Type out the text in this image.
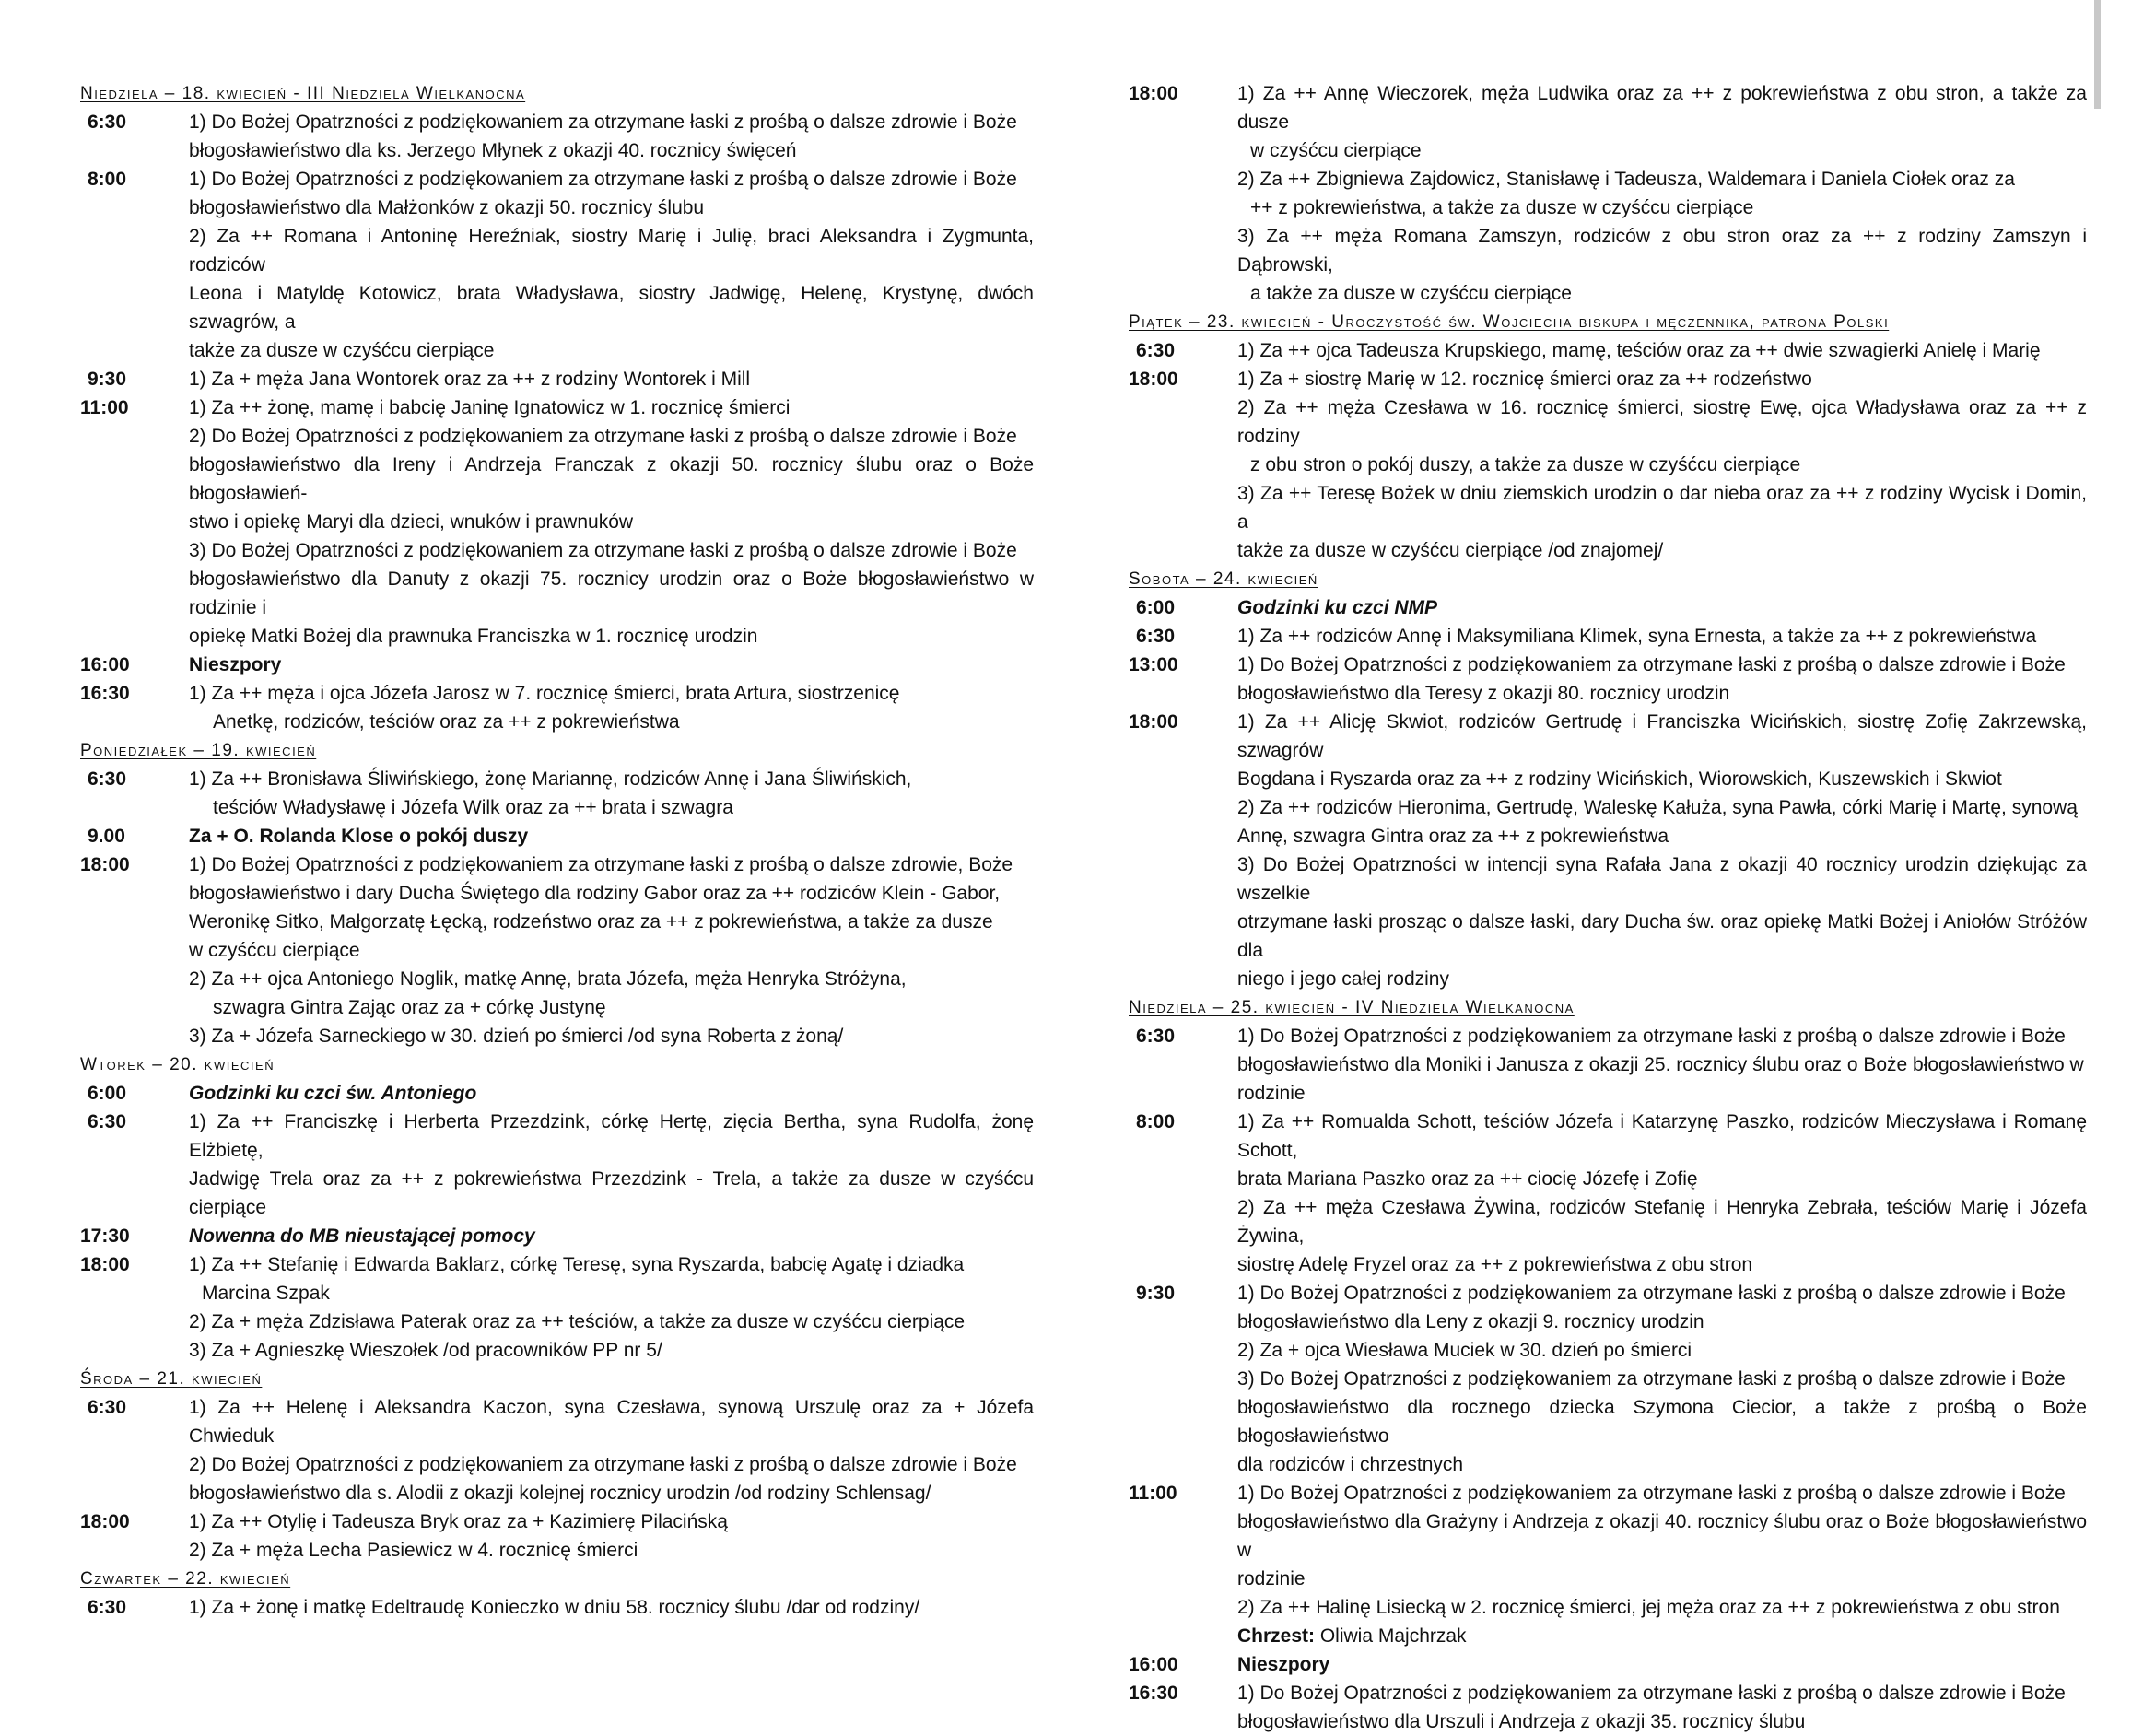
Niedziela – 18. kwiecień - III Niedziela Wielkanocna
6:30	1) Do Bożej Opatrzności z podziękowaniem za otrzymane łaski z prośbą o dalsze zdrowie i Boże
błogosławieństwo dla ks. Jerzego Młynek z okazji 40. rocznicy święceń
8:00	1) Do Bożej Opatrzności z podziękowaniem za otrzymane łaski z prośbą o dalsze zdrowie i Boże
błogosławieństwo dla Małżonków z okazji 50. rocznicy ślubu
2) Za ++ Romana i Antoninę Hereźniak, siostry Marię i Julię, braci Aleksandra i Zygmunta, rodziców
Leona i Matyldę Kotowicz, brata Władysława, siostry Jadwigę, Helenę, Krystynę, dwóch szwagrów, a
także za dusze w czyśćcu cierpiące
9:30	1) Za + męża Jana Wontorek oraz za ++ z rodziny Wontorek i Mill
11:00	1) Za ++ żonę, mamę i babcię Janinę Ignatowicz w 1. rocznicę śmierci
2) Do Bożej Opatrzności z podziękowaniem za otrzymane łaski z prośbą o dalsze zdrowie i Boże
błogosławieństwo dla Ireny i Andrzeja Franczak z okazji 50. rocznicy ślubu oraz o Boże błogosławień-
stwo i opiekę Maryi dla dzieci, wnuków i prawnuków
3) Do Bożej Opatrzności z podziękowaniem za otrzymane łaski z prośbą o dalsze zdrowie i Boże
błogosławieństwo dla Danuty z okazji 75. rocznicy urodzin oraz o Boże błogosławieństwo w rodzinie i
opiekę Matki Bożej dla prawnuka Franciszka w 1. rocznicę urodzin
16:00	Nieszpory
16:30	1) Za ++ męża i ojca Józefa Jarosz w 7. rocznicę śmierci, brata Artura, siostrzenicę
Anetkę, rodziców, teściów oraz za ++ z pokrewieństwa
Poniedziałek – 19. kwiecień
6:30	1) Za ++ Bronisława Śliwińskiego, żonę Mariannę, rodziców Annę i Jana Śliwińskich,
teściów Władysławę i Józefa Wilk oraz za ++ brata i szwagra
9.00	Za + O. Rolanda Klose o pokój duszy
18:00	1) Do Bożej Opatrzności z podziękowaniem za otrzymane łaski z prośbą o dalsze zdrowie, Boże
błogosławieństwo i dary Ducha Świętego dla rodziny Gabor oraz za ++ rodziców Klein - Gabor,
Weronikę Sitko, Małgorzatę Łęcką, rodzeństwo oraz za ++ z pokrewieństwa, a także za dusze
w czyśćcu cierpiące
2) Za ++ ojca Antoniego Noglik, matkę Annę, brata Józefa, męża Henryka Stróżyna,
szwagra Gintra Zając oraz za + córkę Justynę
3) Za + Józefa Sarneckiego w 30. dzień po śmierci /od syna Roberta z żoną/
Wtorek – 20. kwiecień
6:00	Godzinki ku czci św. Antoniego
6:30	1) Za ++ Franciszkę i Herberta Przezdzink, córkę Hertę, zięcia Bertha, syna Rudolfa, żonę Elżbietę,
Jadwigę Trela oraz za ++ z pokrewieństwa Przezdzink - Trela, a także za dusze w czyśćcu cierpiące
17:30	Nowenna do MB nieustającej pomocy
18:00	1) Za ++ Stefanię i Edwarda Baklarz, córkę Teresę, syna Ryszarda, babcię Agatę i dziadka
Marcina Szpak
2) Za + męża Zdzisława Paterak oraz za ++ teściów, a także za dusze w czyśćcu cierpiące
3) Za + Agnieszkę Wieszołek /od pracowników PP nr 5/
Środa – 21. kwiecień
6:30	1) Za ++ Helenę i Aleksandra Kaczon, syna Czesława, synową Urszulę oraz za + Józefa Chwieduk
2) Do Bożej Opatrzności z podziękowaniem za otrzymane łaski z prośbą o dalsze zdrowie i Boże
błogosławieństwo dla s. Alodii z okazji kolejnej rocznicy urodzin /od rodziny Schlensag/
18:00	1) Za ++ Otylię i Tadeusza Bryk oraz za + Kazimierę Pilacińską
2) Za + męża Lecha Pasiewicz w 4. rocznicę śmierci
Czwartek – 22. kwiecień
6:30	1) Za + żonę i matkę Edeltraudę Konieczko w dniu 58. rocznicy ślubu /dar od rodziny/
18:00	1) Za ++ Annę Wieczorek, męża Ludwika oraz za ++ z pokrewieństwa z obu stron, a także za dusze
w czyśćcu cierpiące
2) Za ++ Zbigniewa Zajdowicz, Stanisławę i Tadeusza, Waldemara i Daniela Ciołek oraz za
++ z pokrewieństwa, a także za dusze w czyśćcu cierpiące
3) Za ++ męża Romana Zamszyn, rodziców z obu stron oraz za ++ z rodziny Zamszyn i Dąbrowski,
a także za dusze w czyśćcu cierpiące
Piątek – 23. kwiecień - Uroczystość św. Wojciecha biskupa i męczennika, patrona Polski
6:30	1) Za ++ ojca Tadeusza Krupskiego, mamę, teściów oraz za ++ dwie szwagierki Anielę i Marię
18:00	1) Za + siostrę Marię w 12. rocznicę śmierci oraz za ++ rodzeństwo
2) Za ++ męża Czesława w 16. rocznicę śmierci, siostrę Ewę, ojca Władysława oraz za ++ z rodziny
z obu stron o pokój duszy, a także za dusze w czyśćcu cierpiące
3) Za ++ Teresę Bożek w dniu ziemskich urodzin o dar nieba oraz za ++ z rodziny Wycisk i Domin, a
także za dusze w czyśćcu cierpiące /od znajomej/
Sobota – 24. kwiecień
6:00	Godzinki ku czci NMP
6:30	1) Za ++ rodziców Annę i Maksymiliana Klimek, syna Ernesta, a także za ++ z pokrewieństwa
13:00	1) Do Bożej Opatrzności z podziękowaniem za otrzymane łaski z prośbą o dalsze zdrowie i Boże
błogosławieństwo dla Teresy z okazji 80. rocznicy urodzin
18:00	1) Za ++ Alicję Skwiot, rodziców Gertrudę i Franciszka Wicińskich, siostrę Zofię Zakrzewską, szwagrów
Bogdana i Ryszarda oraz za ++ z rodziny Wicińskich, Wiorowskich, Kuszewskich i Skwiot
2) Za ++ rodziców Hieronima, Gertrudę, Waleskę Kałuża, syna Pawła, córki Marię i Martę, synową
Annę, szwagra Gintra oraz za ++ z pokrewieństwa
3) Do Bożej Opatrzności w intencji syna Rafała Jana z okazji 40 rocznicy urodzin dziękując za wszelkie
otrzymane łaski prosząc o dalsze łaski, dary Ducha św. oraz opiekę Matki Bożej i Aniołów Stróżów dla
niego i jego całej rodziny
Niedziela – 25. kwiecień - IV Niedziela Wielkanocna
6:30	1) Do Bożej Opatrzności z podziękowaniem za otrzymane łaski z prośbą o dalsze zdrowie i Boże
błogosławieństwo dla Moniki i Janusza z okazji 25. rocznicy ślubu oraz o Boże błogosławieństwo w
rodzinie
8:00	1) Za ++ Romualda Schott, teściów Józefa i Katarzynę Paszko, rodziców Mieczysława i Romanę Schott,
brata Mariana Paszko oraz za ++ ciocię Józefę i Zofię
2) Za ++ męża Czesława Żywina, rodziców Stefanię i Henryka Zebrała, teściów Marię i Józefa Żywina,
siostrę Adelę Fryzel oraz za ++ z pokrewieństwa z obu stron
9:30	1) Do Bożej Opatrzności z podziękowaniem za otrzymane łaski z prośbą o dalsze zdrowie i Boże
błogosławieństwo dla Leny z okazji 9. rocznicy urodzin
2) Za + ojca Wiesława Muciek w 30. dzień po śmierci
3) Do Bożej Opatrzności z podziękowaniem za otrzymane łaski z prośbą o dalsze zdrowie i Boże
błogosławieństwo dla rocznego dziecka Szymona Ciecior, a także z prośbą o Boże błogosławieństwo
dla rodziców i chrzestnych
11:00	1) Do Bożej Opatrzności z podziękowaniem za otrzymane łaski z prośbą o dalsze zdrowie i Boże
błogosławieństwo dla Grażyny i Andrzeja z okazji 40. rocznicy ślubu oraz o Boże błogosławieństwo w
rodzinie
2) Za ++ Halinę Lisiecką w 2. rocznicę śmierci, jej męża oraz za ++ z pokrewieństwa z obu stron
Chrzest: Oliwia Majchrzak
16:00	Nieszpory
16:30	1) Do Bożej Opatrzności z podziękowaniem za otrzymane łaski z prośbą o dalsze zdrowie i Boże
błogosławieństwo dla Urszuli i Andrzeja z okazji 35. rocznicy ślubu
